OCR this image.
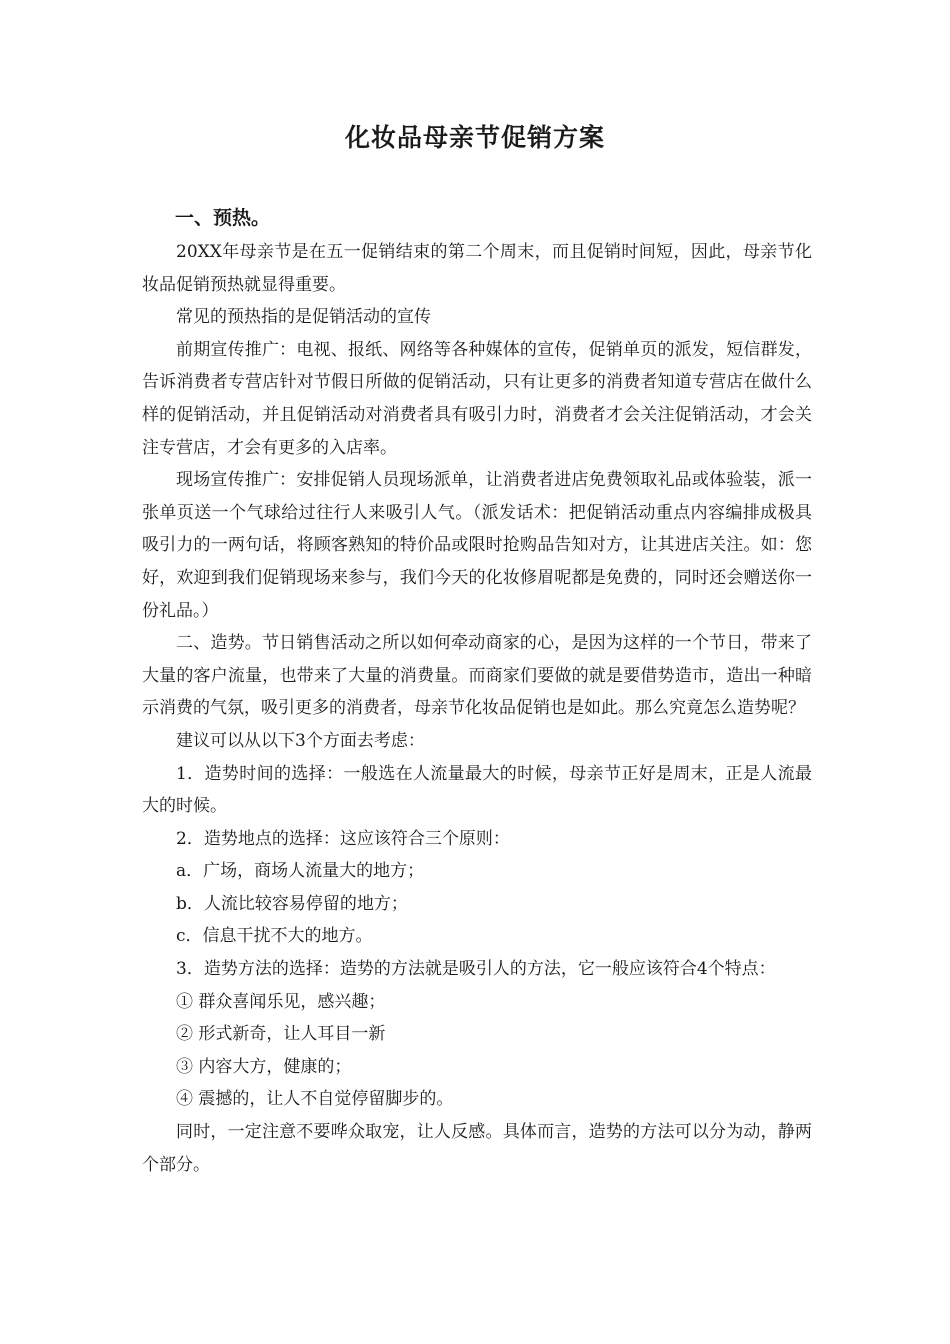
化妆品母亲节促销方案
一、预热。

20XX年母亲节是在五一促销结束的第二个周末，而且促销时间短，因此，母亲节化妆品促销预热就显得重要。

常见的预热指的是促销活动的宣传

前期宣传推广：电视、报纸、网络等各种媒体的宣传，促销单页的派发，短信群发，告诉消费者专营店针对节假日所做的促销活动，只有让更多的消费者知道专营店在做什么样的促销活动，并且促销活动对消费者具有吸引力时，消费者才会关注促销活动，才会关注专营店，才会有更多的入店率。

现场宣传推广：安排促销人员现场派单，让消费者进店免费领取礼品或体验装，派一张单页送一个气球给过往行人来吸引人气。（派发话术：把促销活动重点内容编排成极具吸引力的一两句话，将顾客熟知的特价品或限时抢购品告知对方，让其进店关注。如：您好，欢迎到我们促销现场来参与，我们今天的化妆修眉呢都是免费的，同时还会赠送你一份礼品。）

二、造势。节日销售活动之所以如何牵动商家的心，是因为这样的一个节日，带来了大量的客户流量，也带来了大量的消费量。而商家们要做的就是要借势造市，造出一种暗示消费的气氛，吸引更多的消费者，母亲节化妆品促销也是如此。那么究竟怎么造势呢？

建议可以从以下3个方面去考虑：

1．造势时间的选择：一般选在人流量最大的时候，母亲节正好是周末，正是人流最大的时候。

2．造势地点的选择：这应该符合三个原则：

a．广场，商场人流量大的地方；

b．人流比较容易停留的地方；

c．信息干扰不大的地方。

3．造势方法的选择：造势的方法就是吸引人的方法，它一般应该符合4个特点：

① 群众喜闻乐见，感兴趣；

② 形式新奇，让人耳目一新

③ 内容大方，健康的；

④ 震撼的，让人不自觉停留脚步的。

同时，一定注意不要哗众取宠，让人反感。具体而言，造势的方法可以分为动，静两个部分。
